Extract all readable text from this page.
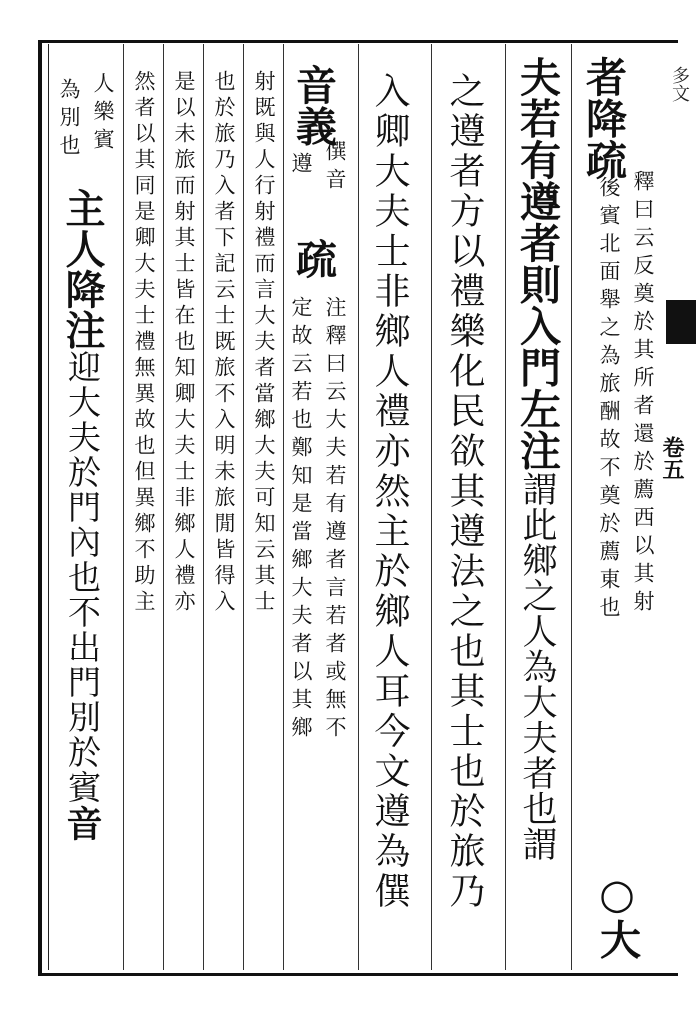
多文
卷五
者降疏
釋曰云反奠於其所者還於薦西以其射
後賓北面舉之為旅酬故不奠於薦東也
○大
夫若有遵者則入門左注謂此鄉之人為大夫者也謂
之遵者方以禮樂化民欲其遵法之也其士也於旅乃
入卿大夫士非鄉人禮亦然主於鄉人耳今文遵為僎
音義
僎音
遵
疏
注釋曰云大夫若有遵者言若者或無不
定故云若也鄭知是當鄉大夫者以其鄉
射既與人行射禮而言大夫者當鄉大夫可知云其士
也於旅乃入者下記云士既旅不入明未旅閒皆得入
是以未旅而射其士皆在也知卿大夫士非鄉人禮亦
然者以其同是卿大夫士禮無異故也但異鄉不助主
人樂賓
為別也
主人降注迎大夫於門內也不出門別於賓音
